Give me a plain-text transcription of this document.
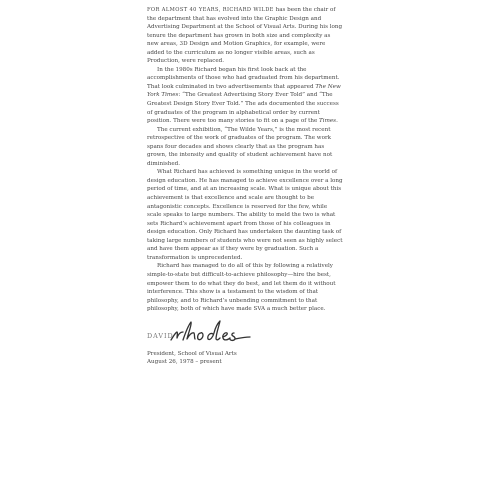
FOR ALMOST 40 YEARS, RICHARD WILDE has been the chair of the department that has evolved into the Graphic Design and Advertising Department at the School of Visual Arts. During his long tenure the department has grown in both size and complexity as new areas, 3D Design and Motion Graphics, for example, were added to the curriculum as no longer visible areas, such as Production, were replaced.

In the 1980s Richard began his first look back at the accomplishments of those who had graduated from his department. That look culminated in two advertisements that appeared The New York Times: “The Greatest Advertising Story Ever Told” and “The Greatest Design Story Ever Told.” The ads documented the success of graduates of the program in alphabetical order by current position. There were too many stories to fit on a page of the Times.

The current exhibition, “The Wilde Years,” is the most recent retrospective of the work of graduates of the program. The work spans four decades and shows clearly that as the program has grown, the intensity and quality of student achievement have not diminished.

What Richard has achieved is something unique in the world of design education. He has managed to achieve excellence over a long period of time, and at an increasing scale. What is unique about this achievement is that excellence and scale are thought to be antagonistic concepts. Excellence is reserved for the few, while scale speaks to large numbers. The ability to meld the two is what sets Richard’s achievement apart from those of his colleagues in design education. Only Richard has undertaken the daunting task of taking large numbers of students who were not seen as highly select and have them appear as if they were by graduation. Such a transformation is unprecedented.

Richard has managed to do all of this by following a relatively simple-to-state but difficult-to-achieve philosophy—hire the best, empower them to do what they do best, and let them do it without interference. This show is a testament to the wisdom of that philosophy, and to Richard’s unbending commitment to that philosophy, both of which have made SVA a much better place.

DAVID

President, School of Visual Arts

August 26, 1978 – present
